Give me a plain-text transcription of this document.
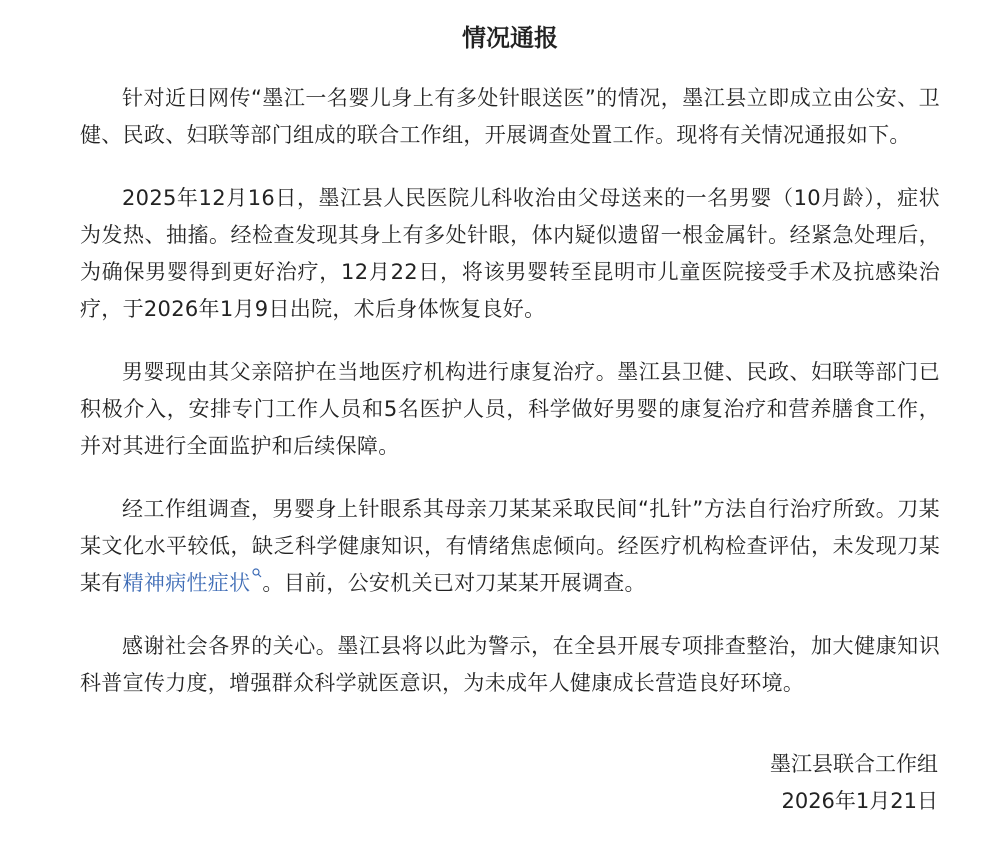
情况通报

针对近日网传“墨江一名婴儿身上有多处针眼送医”的情况，墨江县立即成立由公安、卫健、民政、妇联等部门组成的联合工作组，开展调查处置工作。现将有关情况通报如下。

2025年12月16日，墨江县人民医院儿科收治由父母送来的一名男婴（10月龄），症状为发热、抽搐。经检查发现其身上有多处针眼，体内疑似遗留一根金属针。经紧急处理后，为确保男婴得到更好治疗，12月22日，将该男婴转至昆明市儿童医院接受手术及抗感染治疗，于2026年1月9日出院，术后身体恢复良好。

男婴现由其父亲陪护在当地医疗机构进行康复治疗。墨江县卫健、民政、妇联等部门已积极介入，安排专门工作人员和5名医护人员，科学做好男婴的康复治疗和营养膳食工作，并对其进行全面监护和后续保障。

经工作组调查，男婴身上针眼系其母亲刀某某采取民间“扎针”方法自行治疗所致。刀某某文化水平较低，缺乏科学健康知识，有情绪焦虑倾向。经医疗机构检查评估，未发现刀某某有精神病性症状 。目前，公安机关已对刀某某开展调查。

感谢社会各界的关心。墨江县将以此为警示，在全县开展专项排查整治，加大健康知识科普宣传力度，增强群众科学就医意识，为未成年人健康成长营造良好环境。

墨江县联合工作组
2026年1月21日
